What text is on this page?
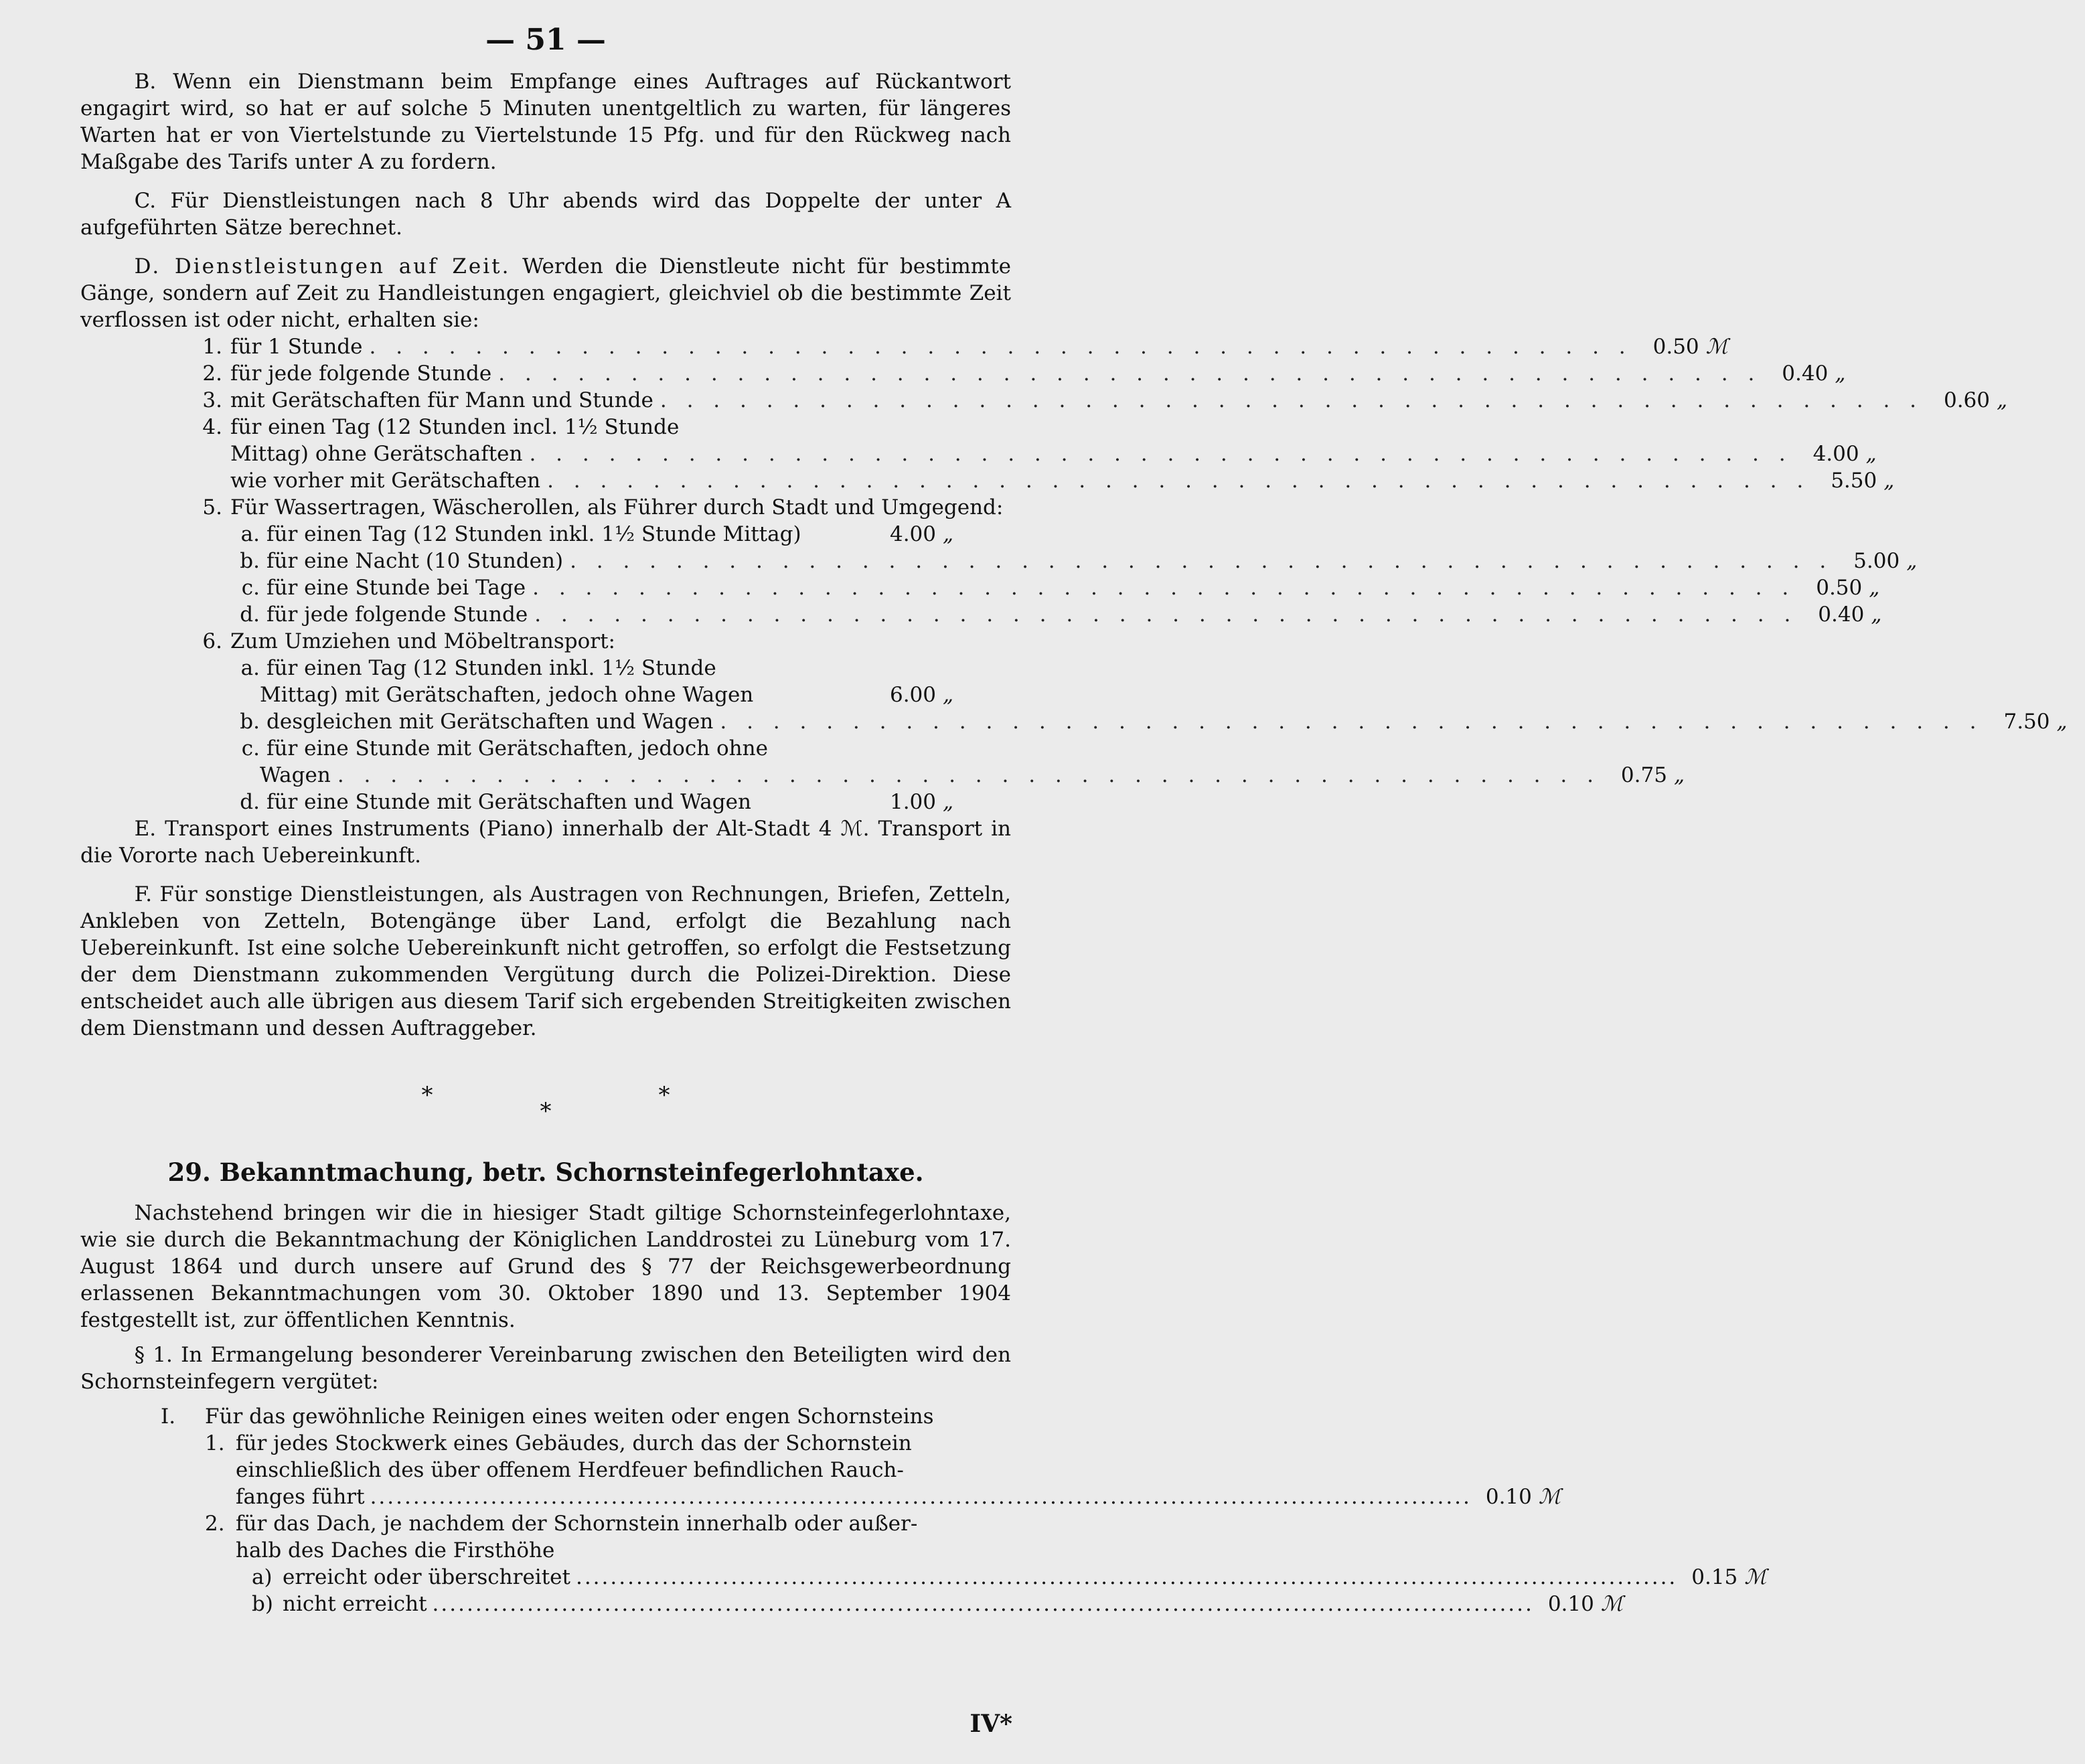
— 51 —

B. Wenn ein Dienstmann beim Empfange eines Auftrages auf Rückantwort engagirt wird, so hat er auf solche 5 Minuten unentgeltlich zu warten, für längeres Warten hat er von Viertelstunde zu Viertelstunde 15 Pfg. und für den Rückweg nach Maßgabe des Tarifs unter A zu fordern.

C. Für Dienstleistungen nach 8 Uhr abends wird das Doppelte der unter A aufgeführten Sätze berechnet.

D. Dienstleistungen auf Zeit. Werden die Dienstleute nicht für bestimmte Gänge, sondern auf Zeit zu Handleistungen engagiert, gleichviel ob die bestimmte Zeit verflossen ist oder nicht, erhalten sie:

1. für 1 Stunde . . .	0.50 ℳ
2. für jede folgende Stunde . . .	0.40 „
3. mit Gerätschaften für Mann und Stunde . . .	0.60 „
4. für einen Tag (12 Stunden incl. 1½ Stunde
Mittag) ohne Gerätschaften . . .	4.00 „
wie vorher mit Gerätschaften . . .	5.50 „
5. Für Wassertragen, Wäscherollen, als Führer durch Stadt und Umgegend:
a. für einen Tag (12 Stunden inkl. 1½ Stunde Mittag)	4.00 „
b. für eine Nacht (10 Stunden) . . .	5.00 „
c. für eine Stunde bei Tage . . .	0.50 „
d. für jede folgende Stunde . . .	0.40 „
6. Zum Umziehen und Möbeltransport:
a. für einen Tag (12 Stunden inkl. 1½ Stunde
Mittag) mit Gerätschaften, jedoch ohne Wagen	6.00 „
b. desgleichen mit Gerätschaften und Wagen . . .	7.50 „
c. für eine Stunde mit Gerätschaften, jedoch ohne
Wagen . . .	0.75 „
d. für eine Stunde mit Gerätschaften und Wagen	1.00 „

E. Transport eines Instruments (Piano) innerhalb der Alt-Stadt 4 ℳ. Transport in die Vororte nach Uebereinkunft.

F. Für sonstige Dienstleistungen, als Austragen von Rechnungen, Briefen, Zetteln, Ankleben von Zetteln, Botengänge über Land, erfolgt die Bezahlung nach Uebereinkunft. Ist eine solche Uebereinkunft nicht getroffen, so erfolgt die Festsetzung der dem Dienstmann zukommenden Vergütung durch die Polizei-Direktion. Diese entscheidet auch alle übrigen aus diesem Tarif sich ergebenden Streitigkeiten zwischen dem Dienstmann und dessen Auftraggeber.

*
*
*
29. Bekanntmachung, betr. Schornsteinfegerlohntaxe.

Nachstehend bringen wir die in hiesiger Stadt giltige Schornsteinfegerlohntaxe, wie sie durch die Bekanntmachung der Königlichen Landdrostei zu Lüneburg vom 17. August 1864 und durch unsere auf Grund des § 77 der Reichsgewerbeordnung erlassenen Bekanntmachungen vom 30. Oktober 1890 und 13. September 1904 festgestellt ist, zur öffentlichen Kenntnis.

§ 1. In Ermangelung besonderer Vereinbarung zwischen den Beteiligten wird den Schornsteinfegern vergütet:

I.	Für das gewöhnliche Reinigen eines weiten oder engen Schornsteins
1. für jedes Stockwerk eines Gebäudes, durch das der Schornstein
einschließlich des über offenem Herdfeuer befindlichen Rauch-
fanges führt .....	0.10 ℳ
2. für das Dach, je nachdem der Schornstein innerhalb oder außer-
halb des Daches die Firsthöhe
a) erreicht oder überschreitet .....	0.15 ℳ
b) nicht erreicht .....	0.10 ℳ
IV*
